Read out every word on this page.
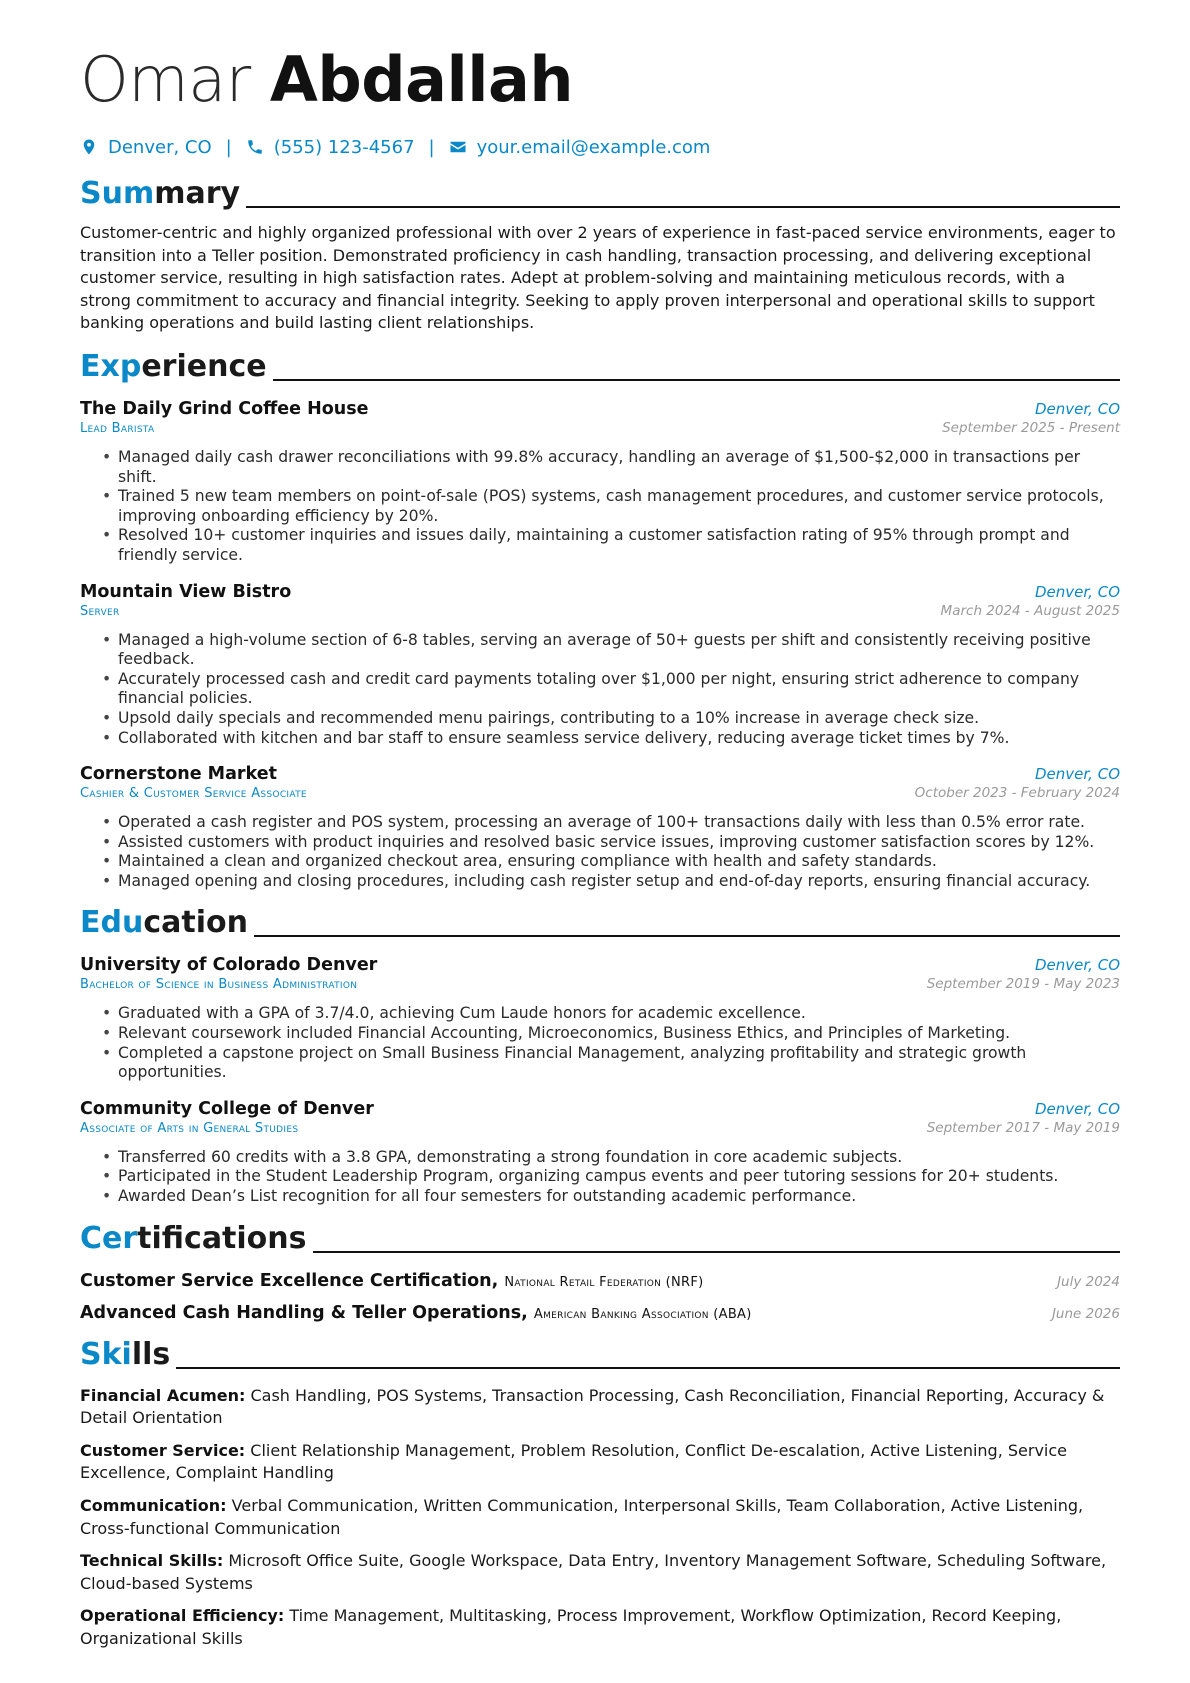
Omar Abdallah
Denver, CO | (555) 123-4567 | your.email@example.com
Summary
Customer-centric and highly organized professional with over 2 years of experience in fast-paced service environments, eager to transition into a Teller position. Demonstrated proficiency in cash handling, transaction processing, and delivering exceptional customer service, resulting in high satisfaction rates. Adept at problem-solving and maintaining meticulous records, with a strong commitment to accuracy and financial integrity. Seeking to apply proven interpersonal and operational skills to support banking operations and build lasting client relationships.
Experience
The Daily Grind Coffee House	Denver, CO
Lead Barista	September 2025 - Present
• Managed daily cash drawer reconciliations with 99.8% accuracy, handling an average of $1,500-$2,000 in transactions per shift.
• Trained 5 new team members on point-of-sale (POS) systems, cash management procedures, and customer service protocols, improving onboarding efficiency by 20%.
• Resolved 10+ customer inquiries and issues daily, maintaining a customer satisfaction rating of 95% through prompt and friendly service.
Mountain View Bistro	Denver, CO
Server	March 2024 - August 2025
• Managed a high-volume section of 6-8 tables, serving an average of 50+ guests per shift and consistently receiving positive feedback.
• Accurately processed cash and credit card payments totaling over $1,000 per night, ensuring strict adherence to company financial policies.
• Upsold daily specials and recommended menu pairings, contributing to a 10% increase in average check size.
• Collaborated with kitchen and bar staff to ensure seamless service delivery, reducing average ticket times by 7%.
Cornerstone Market	Denver, CO
Cashier & Customer Service Associate	October 2023 - February 2024
• Operated a cash register and POS system, processing an average of 100+ transactions daily with less than 0.5% error rate.
• Assisted customers with product inquiries and resolved basic service issues, improving customer satisfaction scores by 12%.
• Maintained a clean and organized checkout area, ensuring compliance with health and safety standards.
• Managed opening and closing procedures, including cash register setup and end-of-day reports, ensuring financial accuracy.
Education
University of Colorado Denver	Denver, CO
Bachelor of Science in Business Administration	September 2019 - May 2023
• Graduated with a GPA of 3.7/4.0, achieving Cum Laude honors for academic excellence.
• Relevant coursework included Financial Accounting, Microeconomics, Business Ethics, and Principles of Marketing.
• Completed a capstone project on Small Business Financial Management, analyzing profitability and strategic growth opportunities.
Community College of Denver	Denver, CO
Associate of Arts in General Studies	September 2017 - May 2019
• Transferred 60 credits with a 3.8 GPA, demonstrating a strong foundation in core academic subjects.
• Participated in the Student Leadership Program, organizing campus events and peer tutoring sessions for 20+ students.
• Awarded Dean’s List recognition for all four semesters for outstanding academic performance.
Certifications
Customer Service Excellence Certification, National Retail Federation (NRF)	July 2024
Advanced Cash Handling & Teller Operations, American Banking Association (ABA)	June 2026
Skills
Financial Acumen: Cash Handling, POS Systems, Transaction Processing, Cash Reconciliation, Financial Reporting, Accuracy & Detail Orientation
Customer Service: Client Relationship Management, Problem Resolution, Conflict De-escalation, Active Listening, Service Excellence, Complaint Handling
Communication: Verbal Communication, Written Communication, Interpersonal Skills, Team Collaboration, Active Listening, Cross-functional Communication
Technical Skills: Microsoft Office Suite, Google Workspace, Data Entry, Inventory Management Software, Scheduling Software, Cloud-based Systems
Operational Efficiency: Time Management, Multitasking, Process Improvement, Workflow Optimization, Record Keeping, Organizational Skills
